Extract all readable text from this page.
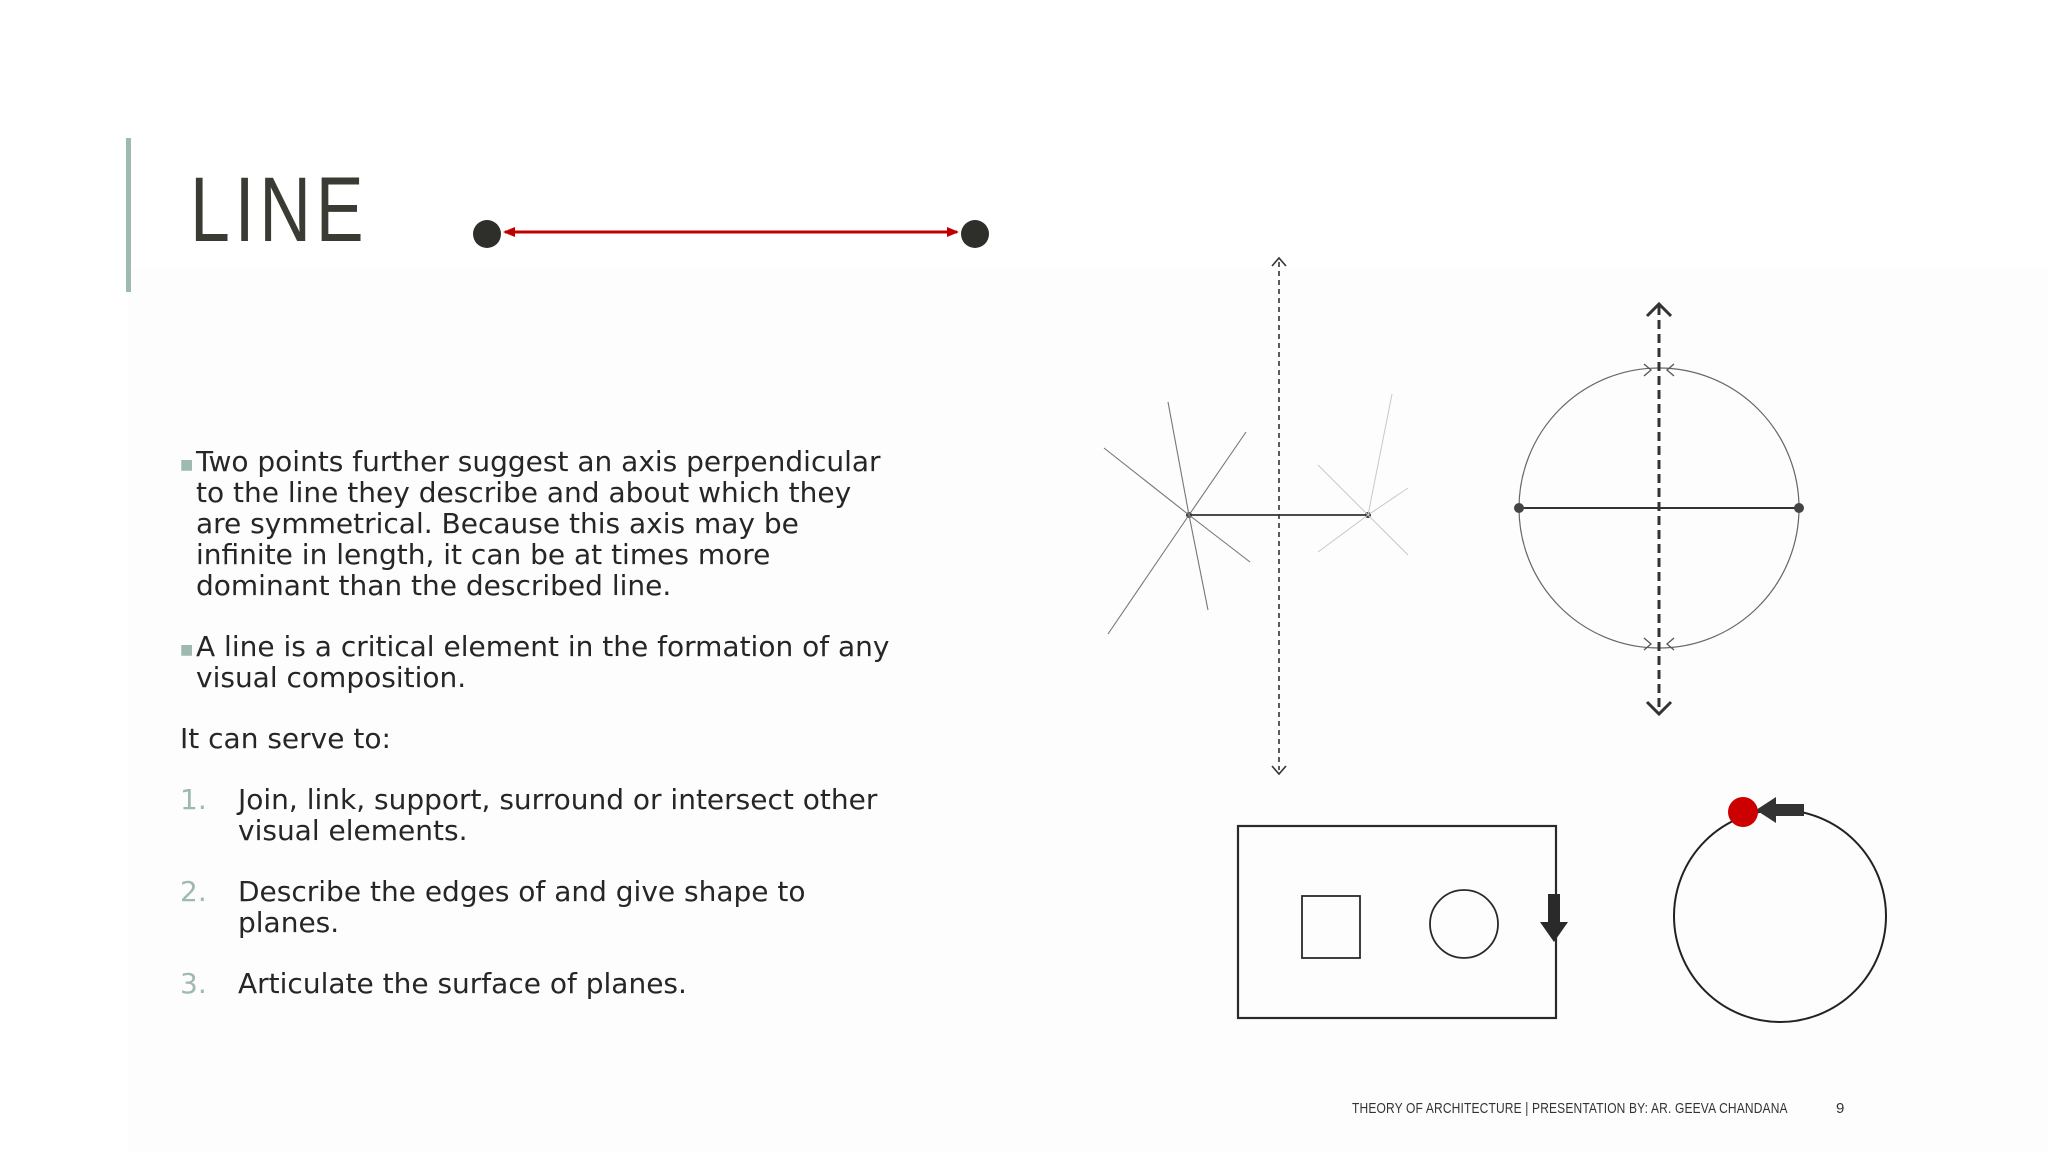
LINE

■ Two points further suggest an axis perpendicular to the line they describe and about which they are symmetrical. Because this axis may be infinite in length, it can be at times more dominant than the described line.

■ A line is a critical element in the formation of any visual composition.

It can serve to:

1. Join, link, support, surround or intersect other visual elements.

2. Describe the edges of and give shape to planes.

3. Articulate the surface of planes.

THEORY OF ARCHITECTURE | PRESENTATION BY: AR. GEEVA CHANDANA	9
